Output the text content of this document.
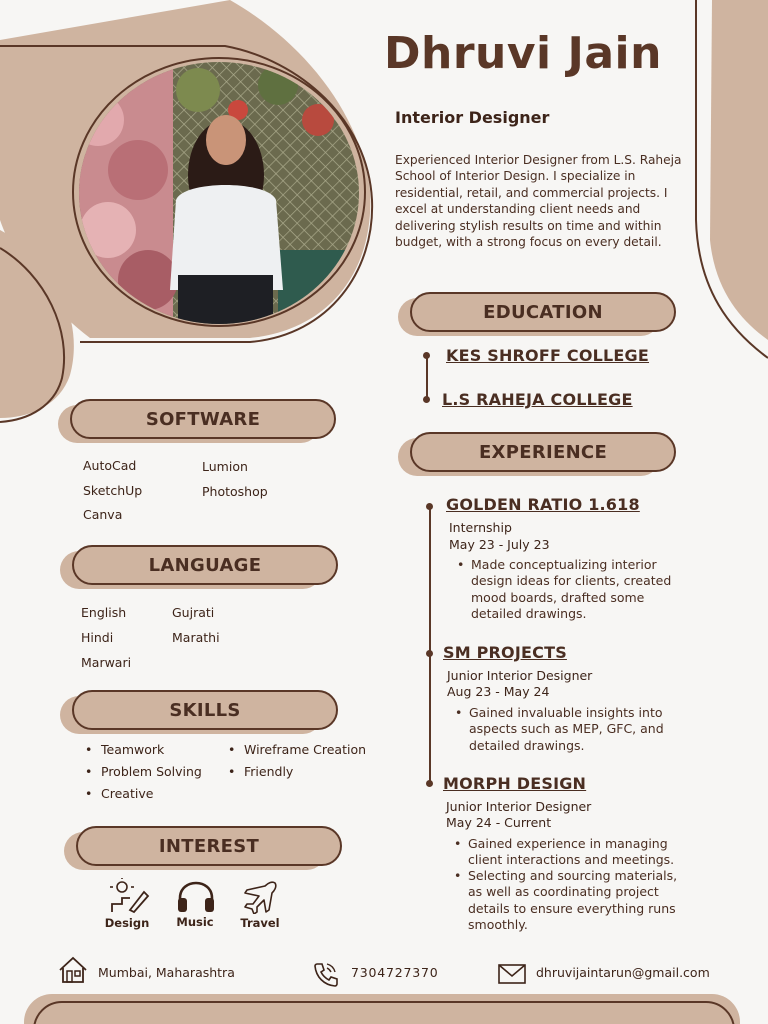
Dhruvi Jain
Interior Designer
Experienced Interior Designer from L.S. Raheja School of Interior Design. I specialize in residential, retail, and commercial projects. I excel at understanding client needs and delivering stylish results on time and within budget, with a strong focus on every detail.
EDUCATION
KES SHROFF COLLEGE
L.S RAHEJA COLLEGE
EXPERIENCE
GOLDEN RATIO 1.618
Internship
May 23 - July 23
• Made conceptualizing interior design ideas for clients, created mood boards, drafted some detailed drawings.
SM PROJECTS
Junior Interior Designer
Aug 23 - May 24
• Gained invaluable insights into aspects such as MEP, GFC, and detailed drawings.
MORPH DESIGN
Junior Interior Designer
May 24 - Current
• Gained experience in managing client interactions and meetings.
• Selecting and sourcing materials, as well as coordinating project details to ensure everything runs smoothly.
SOFTWARE
AutoCad	Lumion
SketchUp	Photoshop
Canva
LANGUAGE
English	Gujrati
Hindi	Marathi
Marwari
SKILLS
• Teamwork	• Wireframe Creation
• Problem Solving	• Friendly
• Creative
INTEREST
Design	Music	Travel
Mumbai, Maharashtra	7304727370	dhruvijaintarun@gmail.com
